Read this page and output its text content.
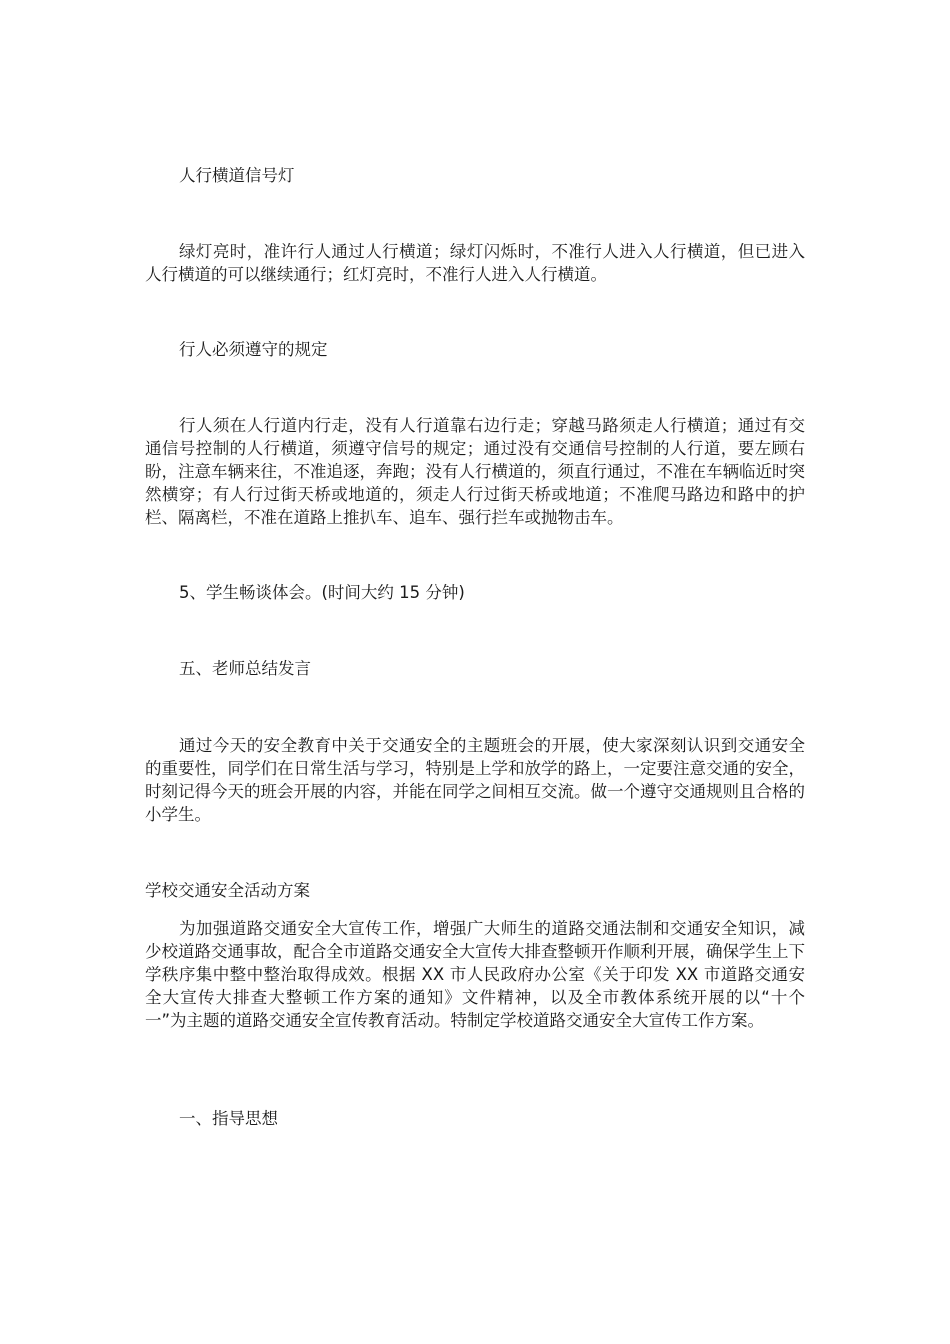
人行横道信号灯

绿灯亮时，准许行人通过人行横道；绿灯闪烁时，不准行人进入人行横道，但已进入人行横道的可以继续通行；红灯亮时，不准行人进入人行横道。

行人必须遵守的规定

行人须在人行道内行走，没有人行道靠右边行走；穿越马路须走人行横道；通过有交通信号控制的人行横道，须遵守信号的规定；通过没有交通信号控制的人行道，要左顾右盼，注意车辆来往，不准追逐，奔跑；没有人行横道的，须直行通过，不准在车辆临近时突然横穿；有人行过街天桥或地道的，须走人行过街天桥或地道；不准爬马路边和路中的护栏、隔离栏，不准在道路上推扒车、追车、强行拦车或抛物击车。

5、学生畅谈体会。(时间大约 15 分钟)

五、老师总结发言

通过今天的安全教育中关于交通安全的主题班会的开展，使大家深刻认识到交通安全的重要性，同学们在日常生活与学习，特别是上学和放学的路上，一定要注意交通的安全，时刻记得今天的班会开展的内容，并能在同学之间相互交流。做一个遵守交通规则且合格的小学生。

学校交通安全活动方案

为加强道路交通安全大宣传工作，增强广大师生的道路交通法制和交通安全知识，减少校道路交通事故，配合全市道路交通安全大宣传大排查整顿开作顺利开展，确保学生上下学秩序集中整中整治取得成效。根据 XX 市人民政府办公室《关于印发 XX 市道路交通安全大宣传大排查大整顿工作方案的通知》文件精神，以及全市教体系统开展的以“十个一”为主题的道路交通安全宣传教育活动。特制定学校道路交通安全大宣传工作方案。

一、指导思想
